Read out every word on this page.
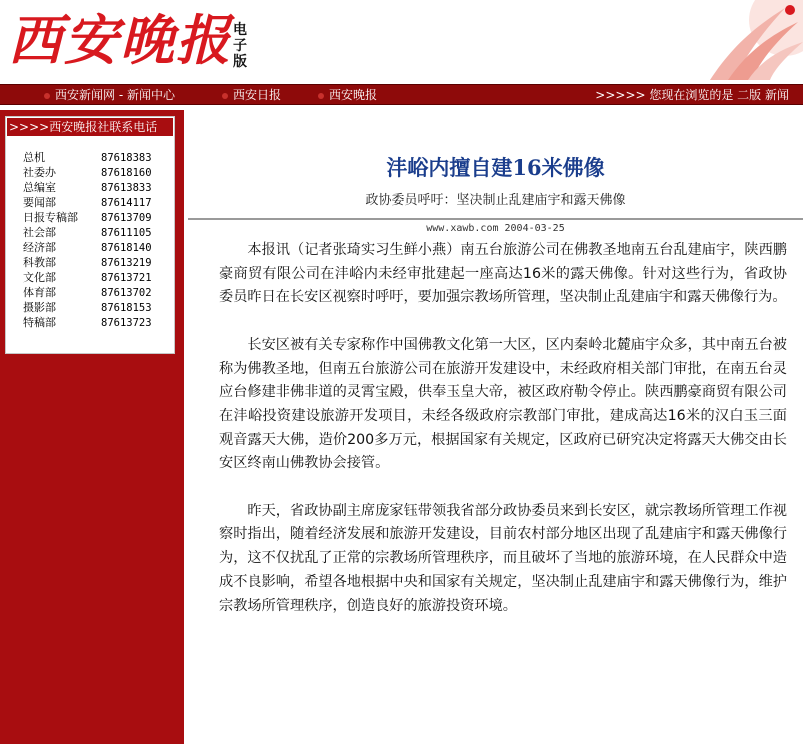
西安晚报 电子版
西安新闻网 - 新闻中心	西安日报	西安晚报	>>>>> 您现在浏览的是 二版 新闻
>>>>西安晚报社联系电话
总机	87618383
社委办	87618160
总编室	87613833
要闻部	87614117
日报专稿部 87613709
社会部	87611105
经济部	87618140
科教部	87613219
文化部	87613721
体育部	87613702
摄影部	87618153
特稿部	87613723
沣峪内擅自建16米佛像
政协委员呼吁：坚决制止乱建庙宇和露天佛像
www.xawb.com 2004-03-25

本报讯（记者张琦实习生鲜小燕）南五台旅游公司在佛教圣地南五台乱建庙宇，陕西鹏豪商贸有限公司在沣峪内未经审批建起一座高达16米的露天佛像。针对这些行为，省政协委员昨日在长安区视察时呼吁，要加强宗教场所管理，坚决制止乱建庙宇和露天佛像行为。

长安区被有关专家称作中国佛教文化第一大区，区内秦岭北麓庙宇众多，其中南五台被称为佛教圣地，但南五台旅游公司在旅游开发建设中，未经政府相关部门审批，在南五台灵应台修建非佛非道的灵霄宝殿，供奉玉皇大帝，被区政府勒令停止。陕西鹏豪商贸有限公司在沣峪投资建设旅游开发项目，未经各级政府宗教部门审批，建成高达16米的汉白玉三面观音露天大佛，造价200多万元，根据国家有关规定，区政府已研究决定将露天大佛交由长安区终南山佛教协会接管。

昨天，省政协副主席庞家钰带领我省部分政协委员来到长安区，就宗教场所管理工作视察时指出，随着经济发展和旅游开发建设，目前农村部分地区出现了乱建庙宇和露天佛像行为，这不仅扰乱了正常的宗教场所管理秩序，而且破坏了当地的旅游环境，在人民群众中造成不良影响，希望各地根据中央和国家有关规定，坚决制止乱建庙宇和露天佛像行为，维护宗教场所管理秩序，创造良好的旅游投资环境。
